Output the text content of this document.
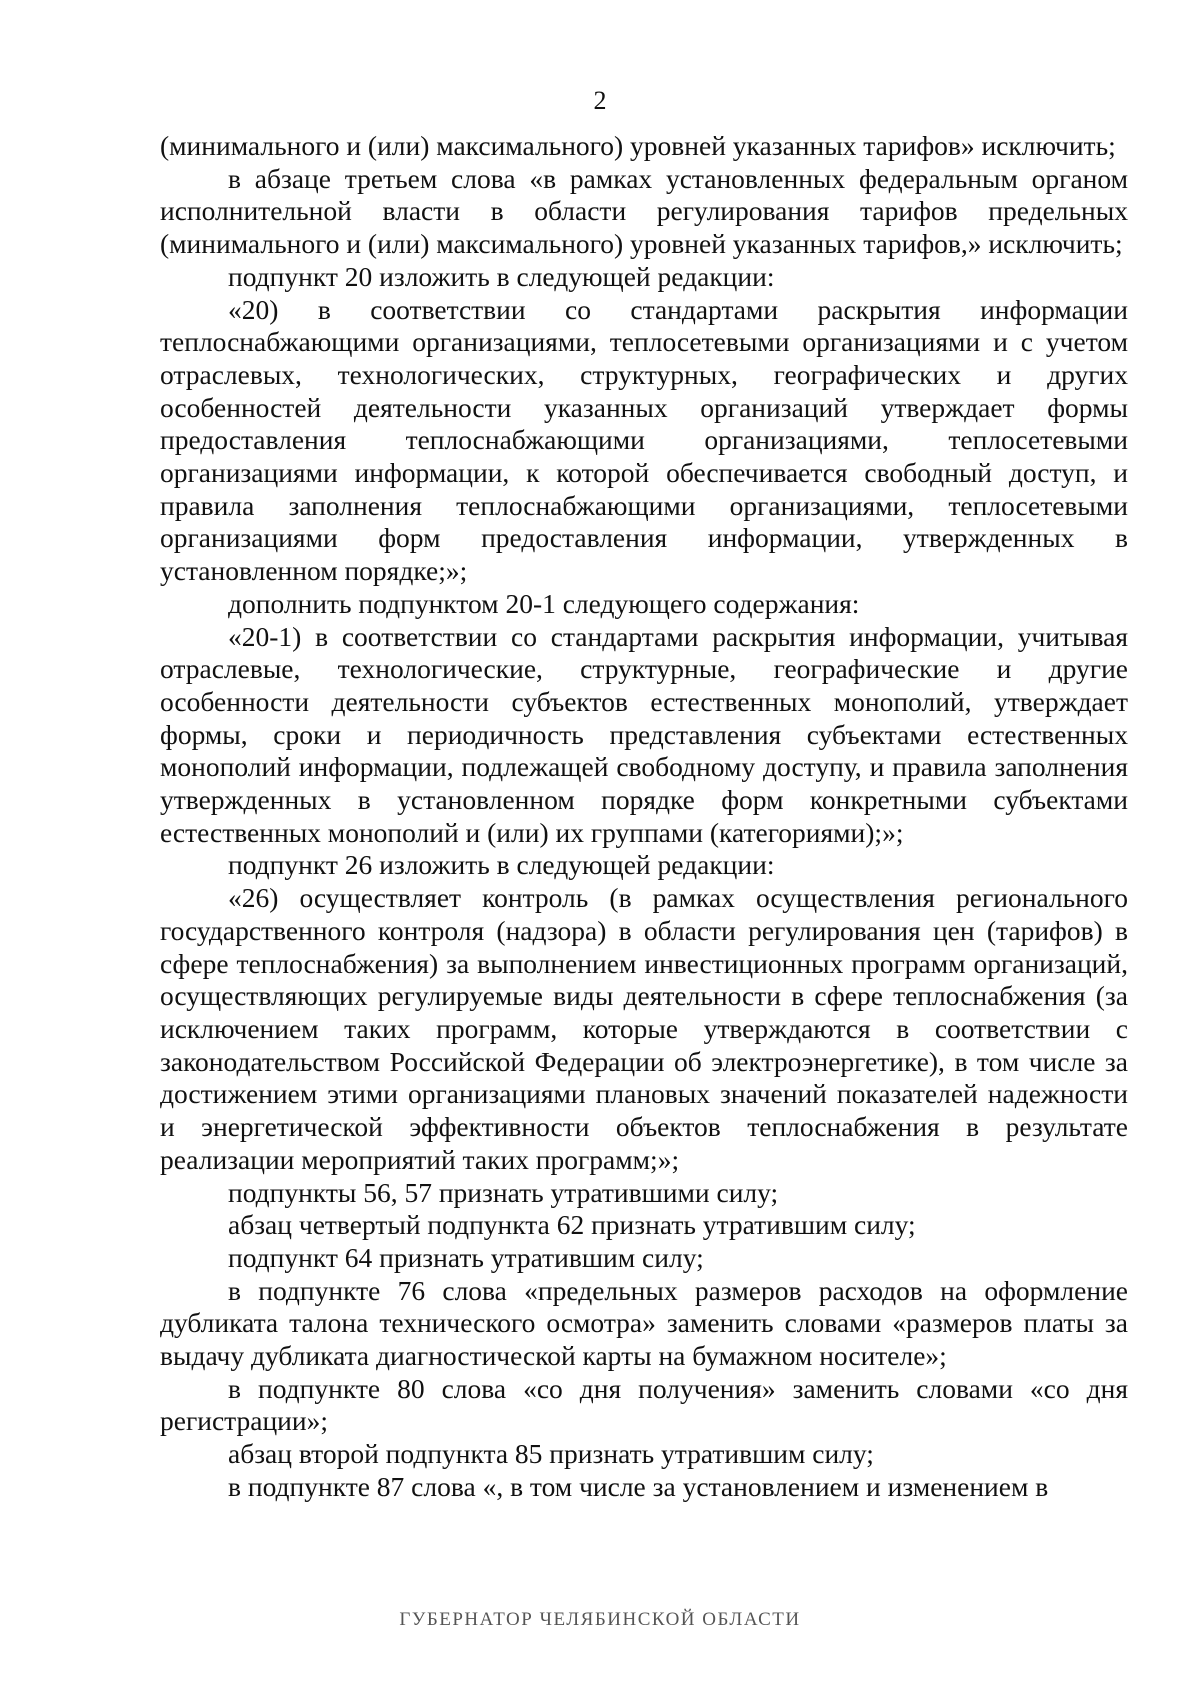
2

(минимального и (или) максимального) уровней указанных тарифов» исключить;

в абзаце третьем слова «в рамках установленных федеральным органом исполнительной власти в области регулирования тарифов предельных (минимального и (или) максимального) уровней указанных тарифов,» исключить;

подпункт 20 изложить в следующей редакции:

«20) в соответствии со стандартами раскрытия информации теплоснабжающими организациями, теплосетевыми организациями и с учетом отраслевых, технологических, структурных, географических и других особенностей деятельности указанных организаций утверждает формы предоставления теплоснабжающими организациями, теплосетевыми организациями информации, к которой обеспечивается свободный доступ, и правила заполнения теплоснабжающими организациями, теплосетевыми организациями форм предоставления информации, утвержденных в установленном порядке;»;

дополнить подпунктом 20-1 следующего содержания:

«20-1) в соответствии со стандартами раскрытия информации, учитывая отраслевые, технологические, структурные, географические и другие особенности деятельности субъектов естественных монополий, утверждает формы, сроки и периодичность представления субъектами естественных монополий информации, подлежащей свободному доступу, и правила заполнения утвержденных в установленном порядке форм конкретными субъектами естественных монополий и (или) их группами (категориями);»;

подпункт 26 изложить в следующей редакции:

«26) осуществляет контроль (в рамках осуществления регионального государственного контроля (надзора) в области регулирования цен (тарифов) в сфере теплоснабжения) за выполнением инвестиционных программ организаций, осуществляющих регулируемые виды деятельности в сфере теплоснабжения (за исключением таких программ, которые утверждаются в соответствии с законодательством Российской Федерации об электроэнергетике), в том числе за достижением этими организациями плановых значений показателей надежности и энергетической эффективности объектов теплоснабжения в результате реализации мероприятий таких программ;»;

подпункты 56, 57 признать утратившими силу;

абзац четвертый подпункта 62 признать утратившим силу;

подпункт 64 признать утратившим силу;

в подпункте 76 слова «предельных размеров расходов на оформление дубликата талона технического осмотра» заменить словами «размеров платы за выдачу дубликата диагностической карты на бумажном носителе»;

в подпункте 80 слова «со дня получения» заменить словами «со дня регистрации»;

абзац второй подпункта 85 признать утратившим силу;

в подпункте 87 слова «, в том числе за установлением и изменением в

ГУБЕРНАТОР ЧЕЛЯБИНСКОЙ ОБЛАСТИ
